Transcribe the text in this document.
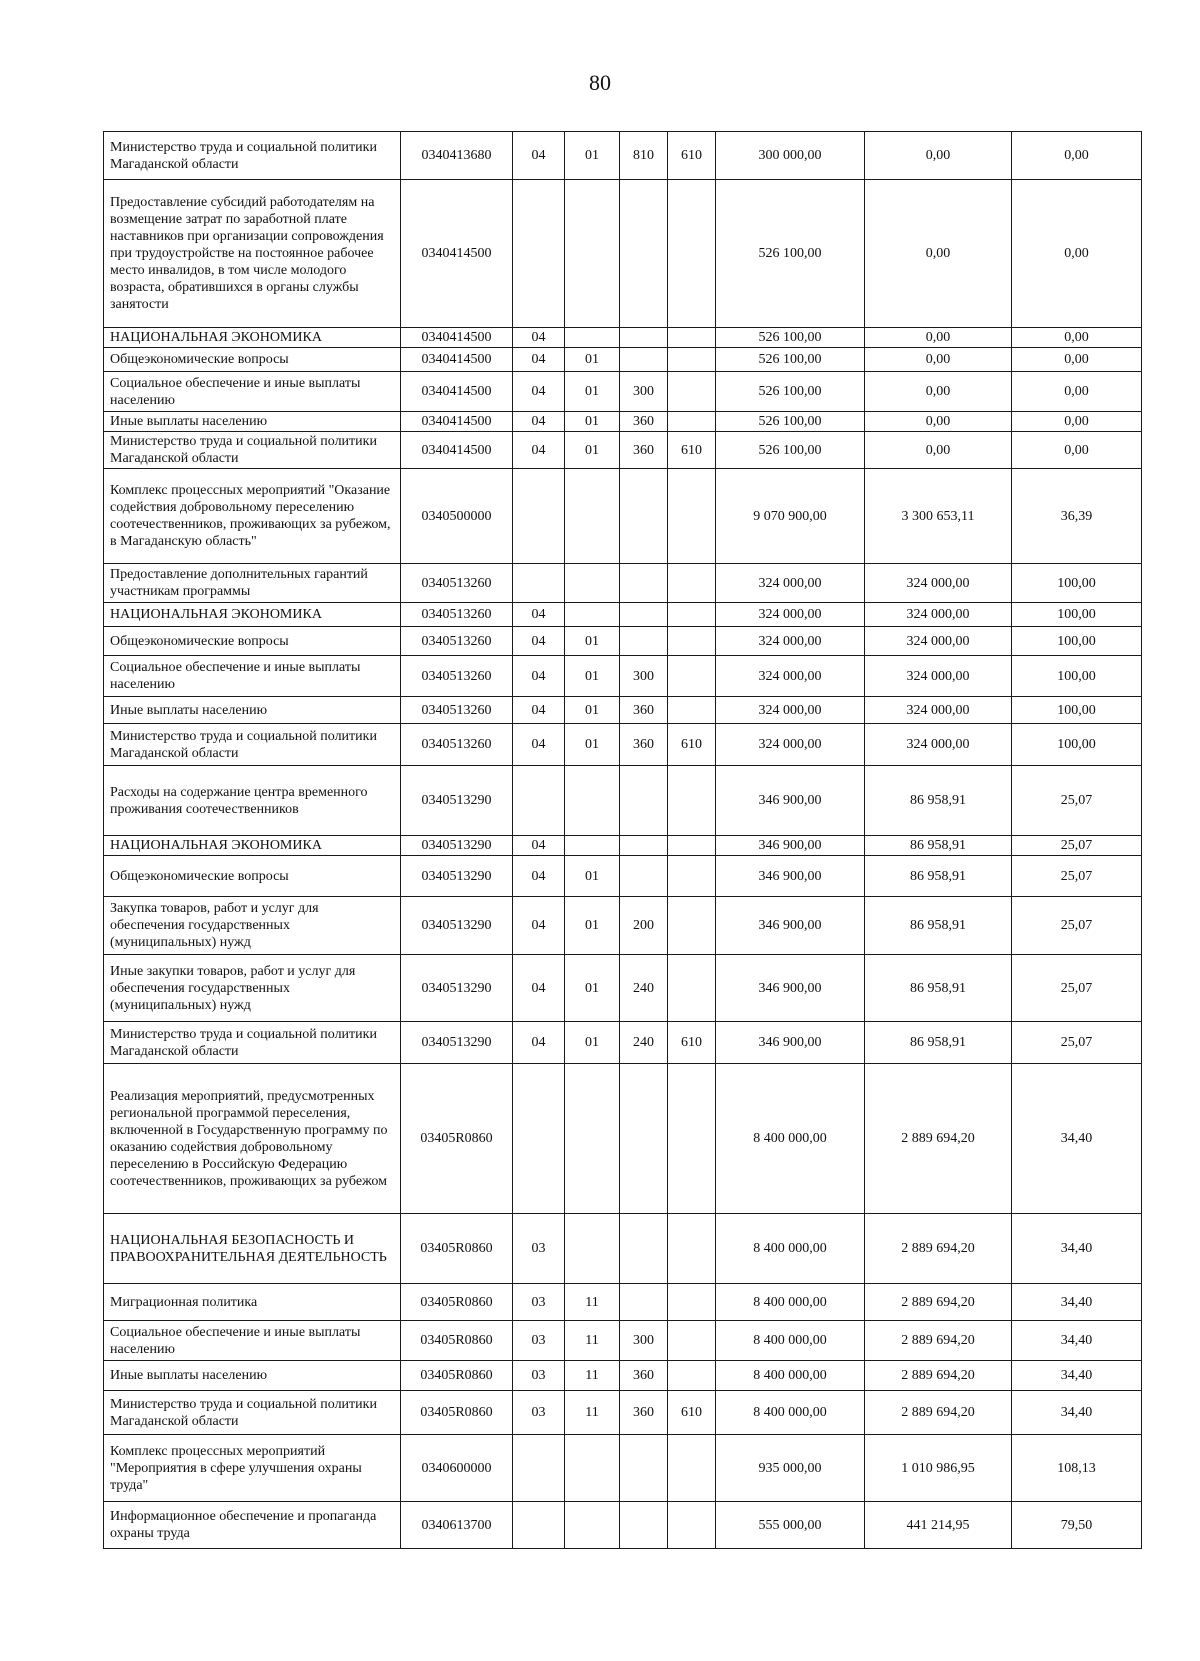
80
Министерство труда и социальной политики Магаданской области	0340413680	04	01	810	610	300 000,00	0,00	0,00
Предоставление субсидий работодателям на возмещение затрат по заработной плате наставников при организации сопровождения при трудоустройстве на постоянное рабочее место инвалидов, в том числе молодого возраста, обратившихся в органы службы занятости	0340414500					526 100,00	0,00	0,00
НАЦИОНАЛЬНАЯ ЭКОНОМИКА	0340414500	04				526 100,00	0,00	0,00
Общеэкономические вопросы	0340414500	04	01			526 100,00	0,00	0,00
Социальное обеспечение и иные выплаты населению	0340414500	04	01	300		526 100,00	0,00	0,00
Иные выплаты населению	0340414500	04	01	360		526 100,00	0,00	0,00
Министерство труда и социальной политики Магаданской области	0340414500	04	01	360	610	526 100,00	0,00	0,00
Комплекс процессных мероприятий "Оказание содействия добровольному переселению соотечественников, проживающих за рубежом, в Магаданскую область"	0340500000					9 070 900,00	3 300 653,11	36,39
Предоставление дополнительных гарантий участникам программы	0340513260					324 000,00	324 000,00	100,00
НАЦИОНАЛЬНАЯ ЭКОНОМИКА	0340513260	04				324 000,00	324 000,00	100,00
Общеэкономические вопросы	0340513260	04	01			324 000,00	324 000,00	100,00
Социальное обеспечение и иные выплаты населению	0340513260	04	01	300		324 000,00	324 000,00	100,00
Иные выплаты населению	0340513260	04	01	360		324 000,00	324 000,00	100,00
Министерство труда и социальной политики Магаданской области	0340513260	04	01	360	610	324 000,00	324 000,00	100,00
Расходы на содержание центра временного проживания соотечественников	0340513290					346 900,00	86 958,91	25,07
НАЦИОНАЛЬНАЯ ЭКОНОМИКА	0340513290	04				346 900,00	86 958,91	25,07
Общеэкономические вопросы	0340513290	04	01			346 900,00	86 958,91	25,07
Закупка товаров, работ и услуг для обеспечения государственных (муниципальных) нужд	0340513290	04	01	200		346 900,00	86 958,91	25,07
Иные закупки товаров, работ и услуг для обеспечения государственных (муниципальных) нужд	0340513290	04	01	240		346 900,00	86 958,91	25,07
Министерство труда и социальной политики Магаданской области	0340513290	04	01	240	610	346 900,00	86 958,91	25,07
Реализация мероприятий, предусмотренных региональной программой переселения, включенной в Государственную программу по оказанию содействия добровольному переселению в Российскую Федерацию соотечественников, проживающих за рубежом	03405R0860					8 400 000,00	2 889 694,20	34,40
НАЦИОНАЛЬНАЯ БЕЗОПАСНОСТЬ И ПРАВООХРАНИТЕЛЬНАЯ ДЕЯТЕЛЬНОСТЬ	03405R0860	03				8 400 000,00	2 889 694,20	34,40
Миграционная политика	03405R0860	03	11			8 400 000,00	2 889 694,20	34,40
Социальное обеспечение и иные выплаты населению	03405R0860	03	11	300		8 400 000,00	2 889 694,20	34,40
Иные выплаты населению	03405R0860	03	11	360		8 400 000,00	2 889 694,20	34,40
Министерство труда и социальной политики Магаданской области	03405R0860	03	11	360	610	8 400 000,00	2 889 694,20	34,40
Комплекс процессных мероприятий "Мероприятия в сфере улучшения охраны труда"	0340600000					935 000,00	1 010 986,95	108,13
Информационное обеспечение и пропаганда охраны труда	0340613700					555 000,00	441 214,95	79,50
